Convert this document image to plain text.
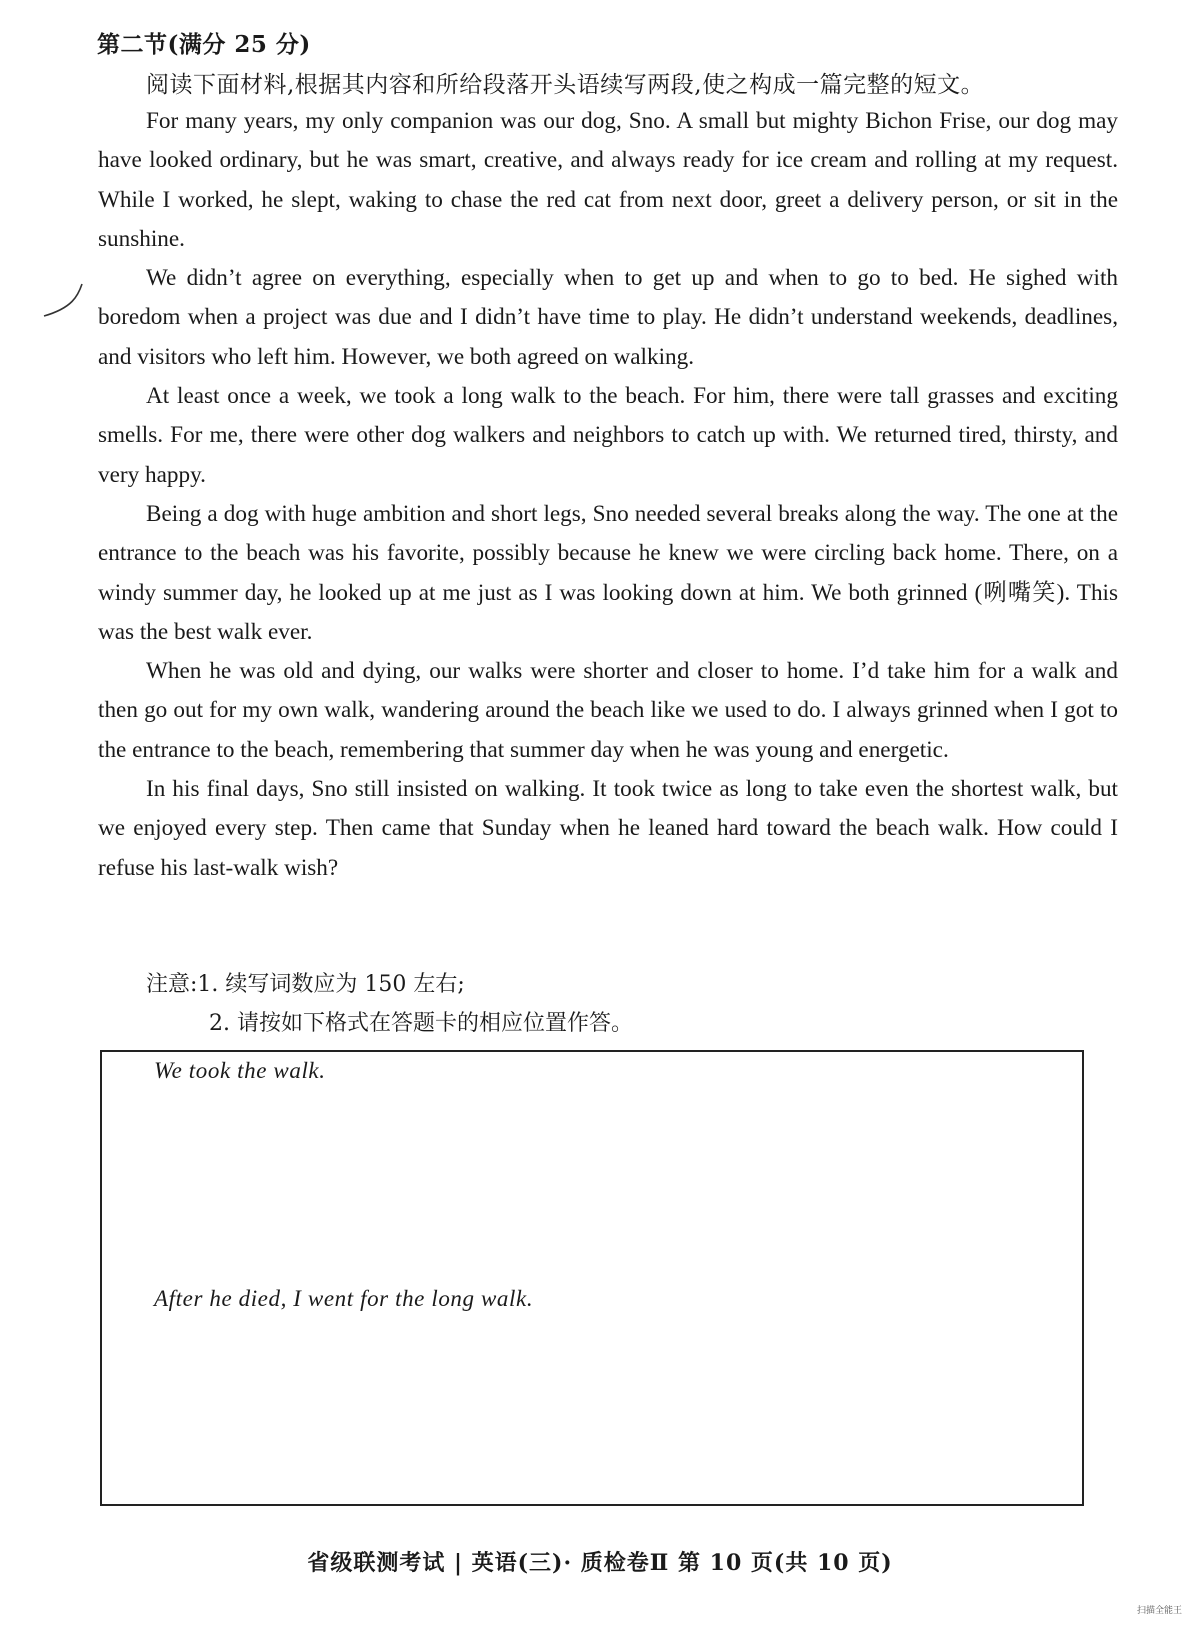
第二节(满分 25 分)
阅读下面材料,根据其内容和所给段落开头语续写两段,使之构成一篇完整的短文。

For many years, my only companion was our dog, Sno. A small but mighty Bichon Frise, our dog may have looked ordinary, but he was smart, creative, and always ready for ice cream and rolling at my request. While I worked, he slept, waking to chase the red cat from next door, greet a delivery person, or sit in the sunshine.

We didn’t agree on everything, especially when to get up and when to go to bed. He sighed with boredom when a project was due and I didn’t have time to play. He didn’t understand weekends, deadlines, and visitors who left him. However, we both agreed on walking.

At least once a week, we took a long walk to the beach. For him, there were tall grasses and exciting smells. For me, there were other dog walkers and neighbors to catch up with. We returned tired, thirsty, and very happy.

Being a dog with huge ambition and short legs, Sno needed several breaks along the way. The one at the entrance to the beach was his favorite, possibly because he knew we were circling back home. There, on a windy summer day, he looked up at me just as I was looking down at him. We both grinned (咧嘴笑). This was the best walk ever.

When he was old and dying, our walks were shorter and closer to home. I’d take him for a walk and then go out for my own walk, wandering around the beach like we used to do. I always grinned when I got to the entrance to the beach, remembering that summer day when he was young and energetic.

In his final days, Sno still insisted on walking. It took twice as long to take even the shortest walk, but we enjoyed every step. Then came that Sunday when he leaned hard toward the beach walk. How could I refuse his last-walk wish?

注意:1. 续写词数应为 150 左右;
2. 请按如下格式在答题卡的相应位置作答。
We took the walk.
After he died, I went for the long walk.
省级联测考试 | 英语(三)· 质检卷Ⅱ 第 10 页(共 10 页)
扫描全能王
